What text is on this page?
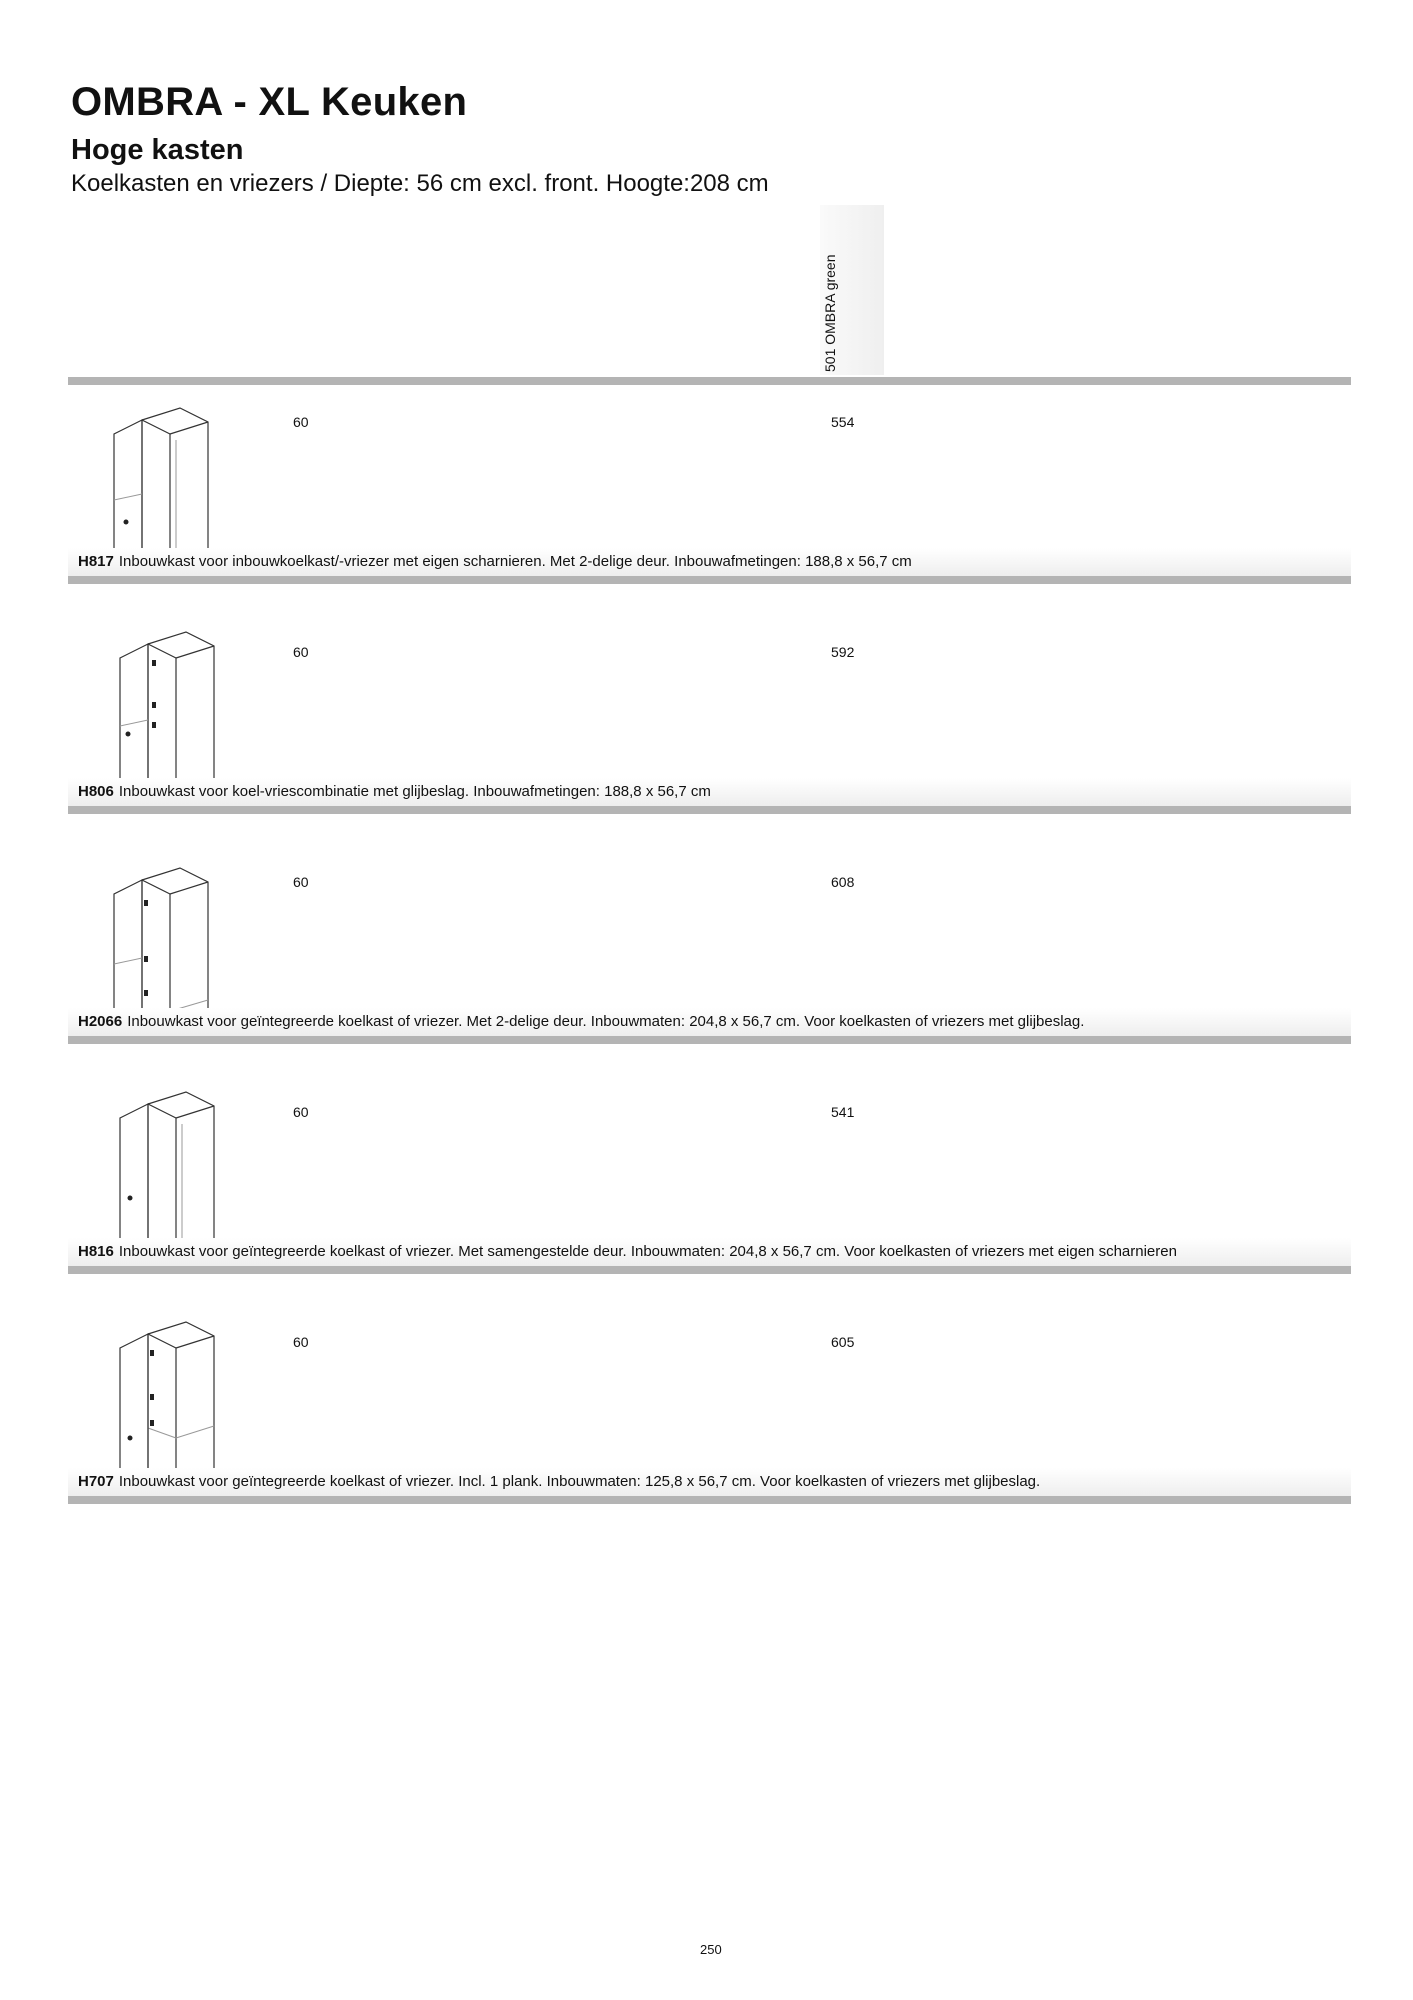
OMBRA - XL Keuken
Hoge kasten
Koelkasten en vriezers / Diepte: 56 cm excl. front. Hoogte:208 cm
501 OMBRA green
60	554
H817 Inbouwkast voor inbouwkoelkast/-vriezer met eigen scharnieren. Met 2-delige deur. Inbouwafmetingen: 188,8 x 56,7 cm
60	592
H806 Inbouwkast voor koel-vriescombinatie met glijbeslag. Inbouwafmetingen: 188,8 x 56,7 cm
60	608
H2066 Inbouwkast voor geïntegreerde koelkast of vriezer. Met 2-delige deur. Inbouwmaten: 204,8 x 56,7 cm. Voor koelkasten of vriezers met glijbeslag.
60	541
H816 Inbouwkast voor geïntegreerde koelkast of vriezer. Met samengestelde deur. Inbouwmaten: 204,8 x 56,7 cm. Voor koelkasten of vriezers met eigen scharnieren
60	605
H707 Inbouwkast voor geïntegreerde koelkast of vriezer. Incl. 1 plank. Inbouwmaten: 125,8 x 56,7 cm. Voor koelkasten of vriezers met glijbeslag.
250
